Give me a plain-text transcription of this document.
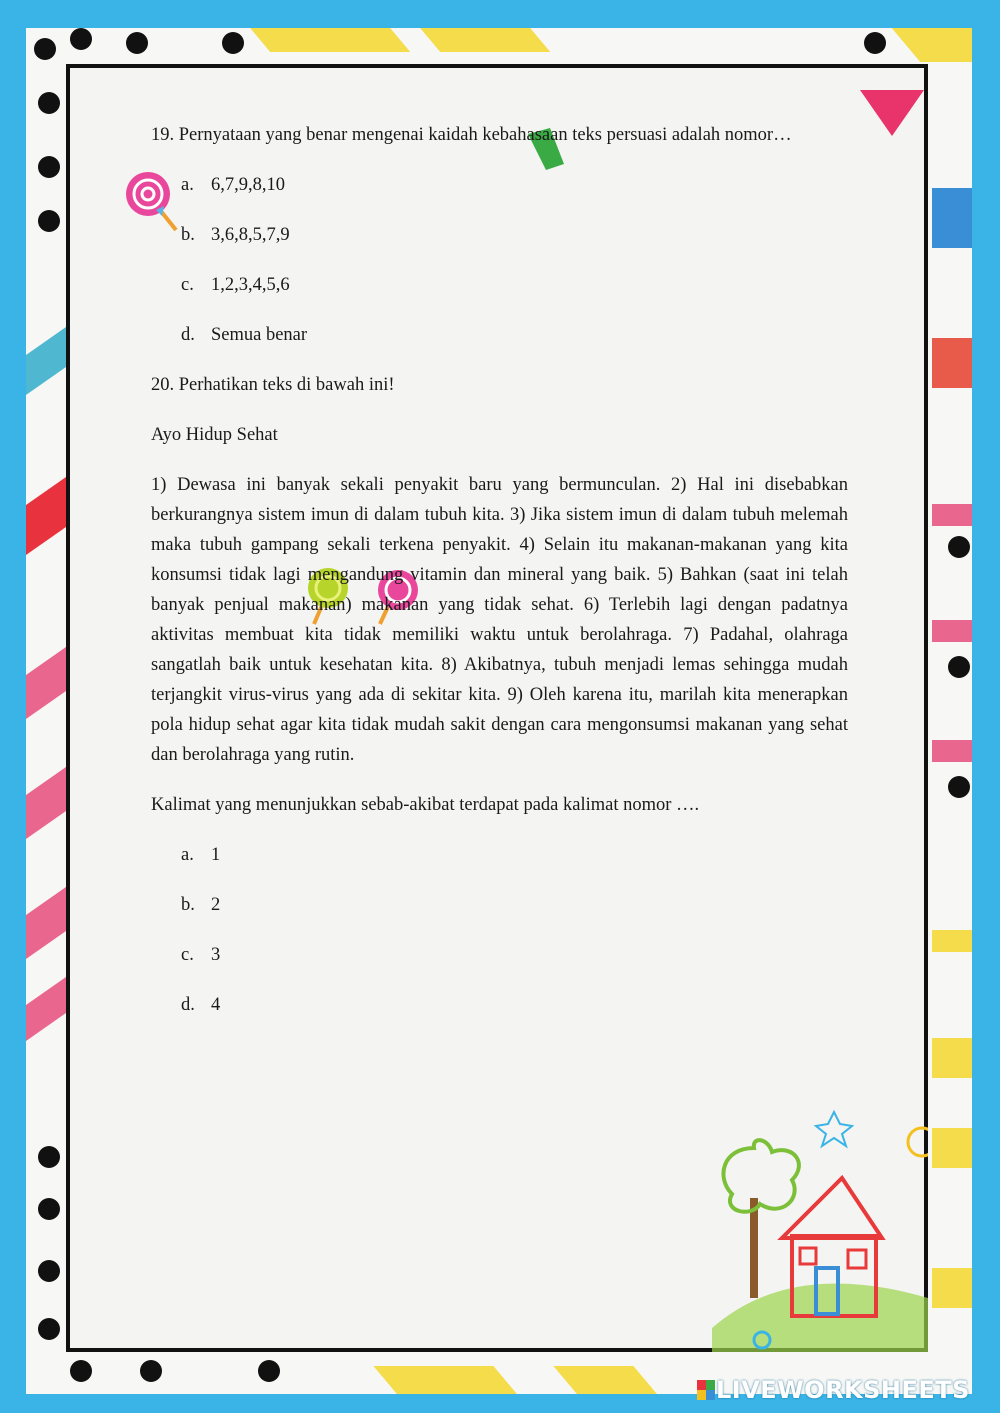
19. Pernyataan yang benar mengenai kaidah kebahasaan teks persuasi adalah nomor…

a. 6,7,9,8,10
b. 3,6,8,5,7,9
c. 1,2,3,4,5,6
d. Semua benar

20. Perhatikan teks di bawah ini!

Ayo Hidup Sehat

1) Dewasa ini banyak sekali penyakit baru yang bermunculan. 2) Hal ini disebabkan berkurangnya sistem imun di dalam tubuh kita. 3) Jika sistem imun di dalam tubuh melemah maka tubuh gampang sekali terkena penyakit. 4) Selain itu makanan-makanan yang kita konsumsi tidak lagi mengandung vitamin dan mineral yang baik. 5) Bahkan (saat ini telah banyak penjual makanan) makanan yang tidak sehat. 6) Terlebih lagi dengan padatnya aktivitas membuat kita tidak memiliki waktu untuk berolahraga. 7) Padahal, olahraga sangatlah baik untuk kesehatan kita. 8) Akibatnya, tubuh menjadi lemas sehingga mudah terjangkit virus-virus yang ada di sekitar kita. 9) Oleh karena itu, marilah kita menerapkan pola hidup sehat agar kita tidak mudah sakit dengan cara mengonsumsi makanan yang sehat dan berolahraga yang rutin.

Kalimat yang menunjukkan sebab-akibat terdapat pada kalimat nomor ….

a. 1
b. 2
c. 3
d. 4
LIVEWORKSHEETS
